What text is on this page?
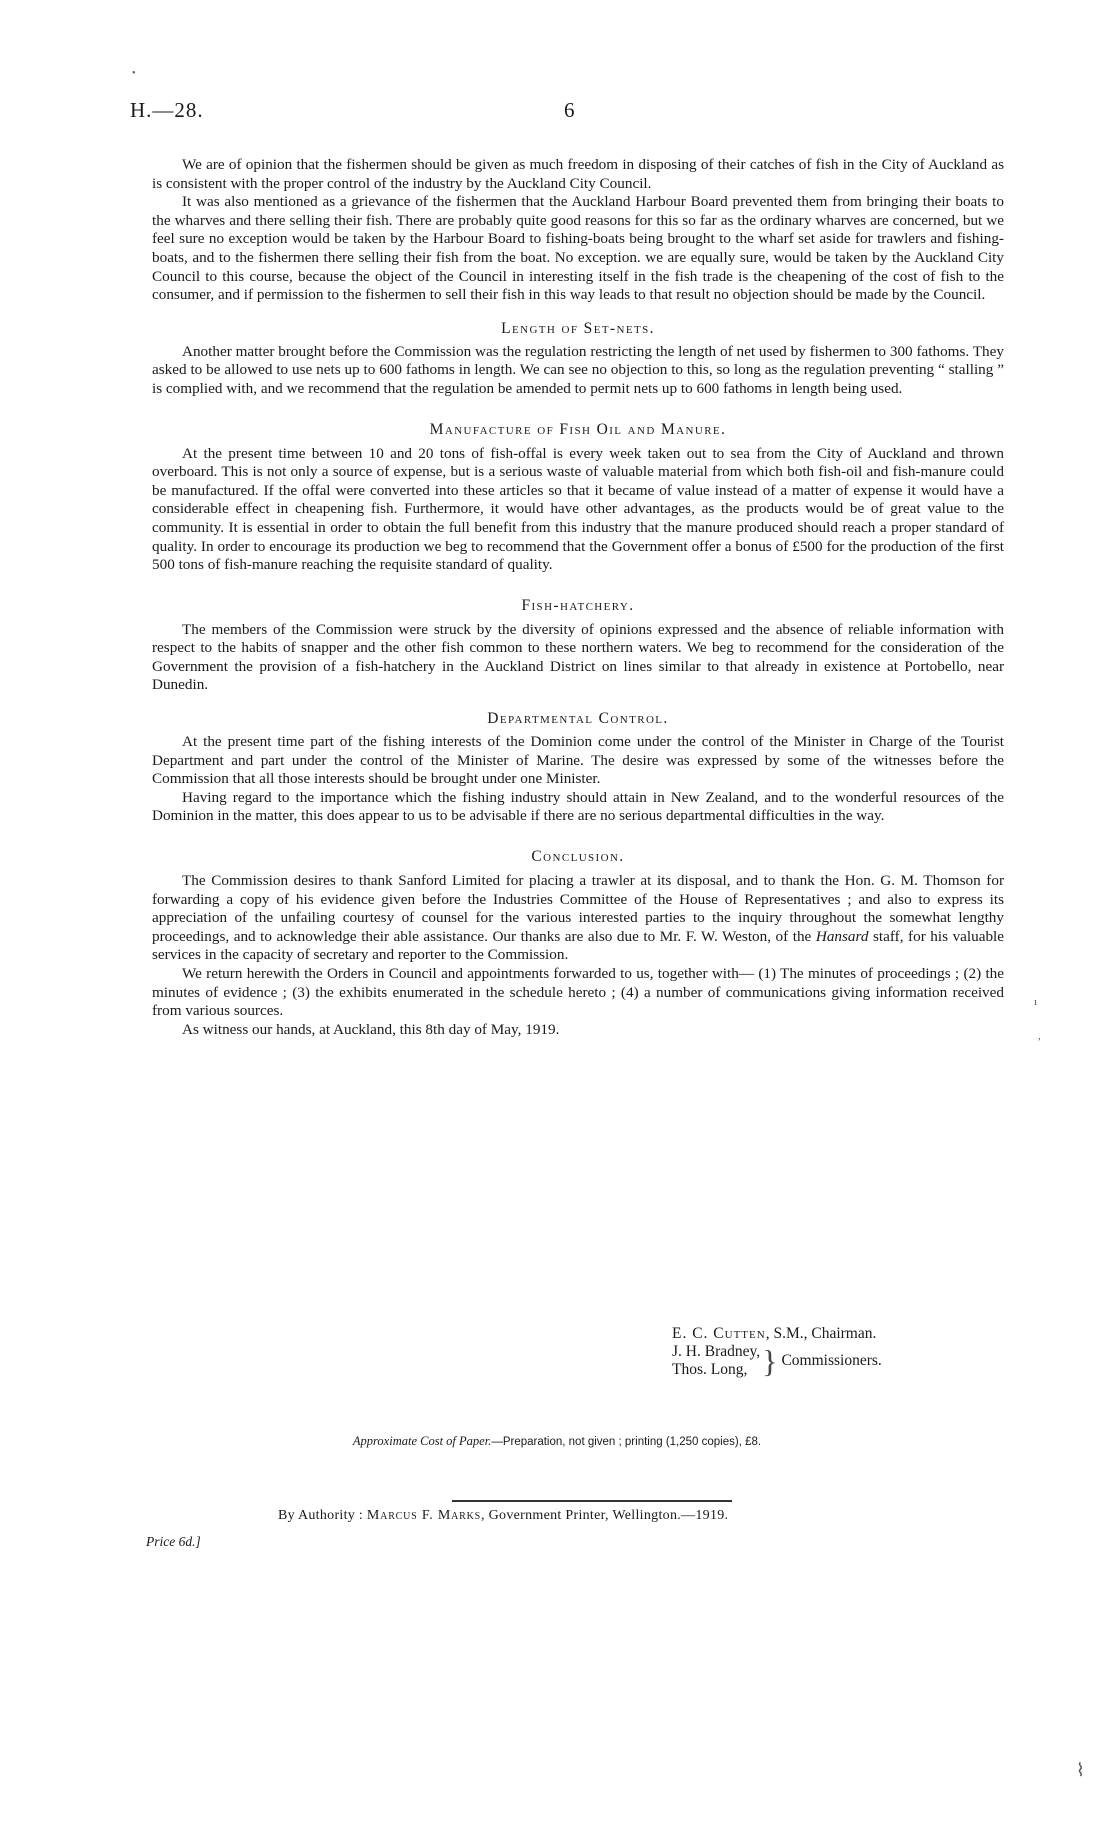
H.—28.	6
•

We are of opinion that the fishermen should be given as much freedom in disposing of their catches of fish in the City of Auckland as is consistent with the proper control of the industry by the Auckland City Council.

It was also mentioned as a grievance of the fishermen that the Auckland Harbour Board prevented them from bringing their boats to the wharves and there selling their fish. There are probably quite good reasons for this so far as the ordinary wharves are concerned, but we feel sure no exception would be taken by the Harbour Board to fishing-boats being brought to the wharf set aside for trawlers and fishing-boats, and to the fishermen there selling their fish from the boat. No exception. we are equally sure, would be taken by the Auckland City Council to this course, because the object of the Council in interesting itself in the fish trade is the cheapening of the cost of fish to the consumer, and if permission to the fishermen to sell their fish in this way leads to that result no objection should be made by the Council.

Length of Set-nets.

Another matter brought before the Commission was the regulation restricting the length of net used by fishermen to 300 fathoms. They asked to be allowed to use nets up to 600 fathoms in length. We can see no objection to this, so long as the regulation preventing “ stalling ” is complied with, and we recommend that the regulation be amended to permit nets up to 600 fathoms in length being used.

Manufacture of Fish Oil and Manure.

At the present time between 10 and 20 tons of fish-offal is every week taken out to sea from the City of Auckland and thrown overboard. This is not only a source of expense, but is a serious waste of valuable material from which both fish-oil and fish-manure could be manufactured. If the offal were converted into these articles so that it became of value instead of a matter of expense it would have a considerable effect in cheapening fish. Furthermore, it would have other advantages, as the products would be of great value to the community. It is essential in order to obtain the full benefit from this industry that the manure produced should reach a proper standard of quality. In order to encourage its production we beg to recommend that the Government offer a bonus of £500 for the production of the first 500 tons of fish-manure reaching the requisite standard of quality.

Fish-hatchery.

The members of the Commission were struck by the diversity of opinions expressed and the absence of reliable information with respect to the habits of snapper and the other fish common to these northern waters. We beg to recommend for the consideration of the Government the provision of a fish-hatchery in the Auckland District on lines similar to that already in existence at Portobello, near Dunedin.

Departmental Control.

At the present time part of the fishing interests of the Dominion come under the control of the Minister in Charge of the Tourist Department and part under the control of the Minister of Marine. The desire was expressed by some of the witnesses before the Commission that all those interests should be brought under one Minister.

Having regard to the importance which the fishing industry should attain in New Zealand, and to the wonderful resources of the Dominion in the matter, this does appear to us to be advisable if there are no serious departmental difficulties in the way.

Conclusion.

The Commission desires to thank Sanford Limited for placing a trawler at its disposal, and to thank the Hon. G. M. Thomson for forwarding a copy of his evidence given before the Industries Committee of the House of Representatives ; and also to express its appreciation of the unfailing courtesy of counsel for the various interested parties to the inquiry throughout the somewhat lengthy proceedings, and to acknowledge their able assistance. Our thanks are also due to Mr. F. W. Weston, of the Hansard staff, for his valuable services in the capacity of secretary and reporter to the Commission.

We return herewith the Orders in Council and appointments forwarded to us, together with— (1) The minutes of proceedings ; (2) the minutes of evidence ; (3) the exhibits enumerated in the schedule hereto ; (4) a number of communications giving information received from various sources.

As witness our hands, at Auckland, this 8th day of May, 1919.

E. C. Cutten, S.M., Chairman.
J. H. Bradney,
Thos. Long, } Commissioners.
Approximate Cost of Paper.—Preparation, not given ; printing (1,250 copies), £8.
By Authority : Marcus F. Marks, Government Printer, Wellington.—1919.
Price 6d.]
ı
,
⌇
